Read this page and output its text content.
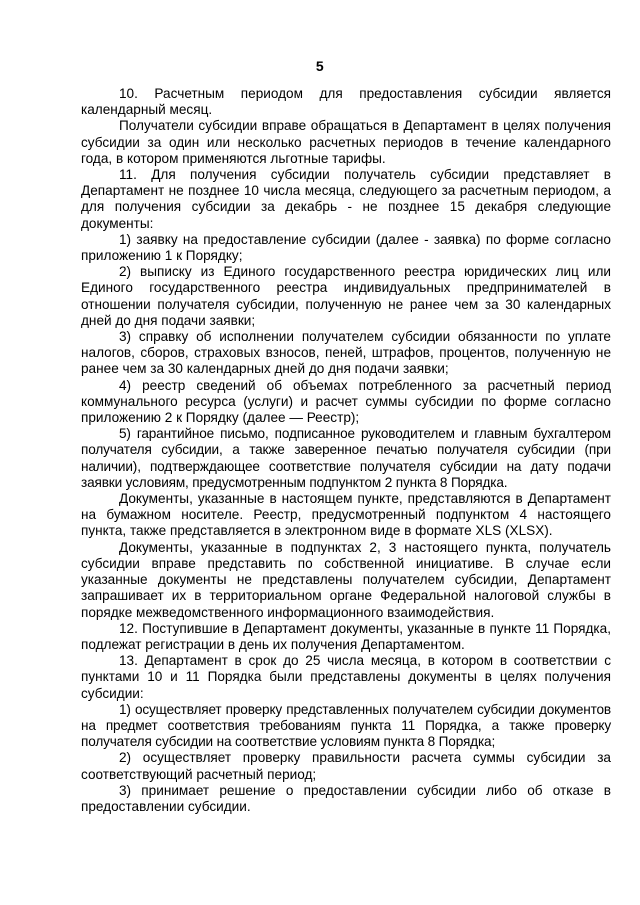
5

10. Расчетным периодом для предоставления субсидии является календарный месяц.

Получатели субсидии вправе обращаться в Департамент в целях получения субсидии за один или несколько расчетных периодов в течение календарного года, в котором применяются льготные тарифы.

11. Для получения субсидии получатель субсидии представляет в Департамент не позднее 10 числа месяца, следующего за расчетным периодом, а для получения субсидии за декабрь - не позднее 15 декабря следующие документы:

1) заявку на предоставление субсидии (далее - заявка) по форме согласно приложению 1 к Порядку;

2) выписку из Единого государственного реестра юридических лиц или Единого государственного реестра индивидуальных предпринимателей в отношении получателя субсидии, полученную не ранее чем за 30 календарных дней до дня подачи заявки;

3) справку об исполнении получателем субсидии обязанности по уплате налогов, сборов, страховых взносов, пеней, штрафов, процентов, полученную не ранее чем за 30 календарных дней до дня подачи заявки;

4) реестр сведений об объемах потребленного за расчетный период коммунального ресурса (услуги) и расчет суммы субсидии по форме согласно приложению 2 к Порядку (далее — Реестр);

5) гарантийное письмо, подписанное руководителем и главным бухгалтером получателя субсидии, а также заверенное печатью получателя субсидии (при наличии), подтверждающее соответствие получателя субсидии на дату подачи заявки условиям, предусмотренным подпунктом 2 пункта 8 Порядка.

Документы, указанные в настоящем пункте, представляются в Департамент на бумажном носителе. Реестр, предусмотренный подпунктом 4 настоящего пункта, также представляется в электронном виде в формате XLS (XLSX).

Документы, указанные в подпунктах 2, 3 настоящего пункта, получатель субсидии вправе представить по собственной инициативе. В случае если указанные документы не представлены получателем субсидии, Департамент запрашивает их в территориальном органе Федеральной налоговой службы в порядке межведомственного информационного взаимодействия.

12. Поступившие в Департамент документы, указанные в пункте 11 Порядка, подлежат регистрации в день их получения Департаментом.

13. Департамент в срок до 25 числа месяца, в котором в соответствии с пунктами 10 и 11 Порядка были представлены документы в целях получения субсидии:

1) осуществляет проверку представленных получателем субсидии документов на предмет соответствия требованиям пункта 11 Порядка, а также проверку получателя субсидии на соответствие условиям пункта 8 Порядка;

2) осуществляет проверку правильности расчета суммы субсидии за соответствующий расчетный период;

3) принимает решение о предоставлении субсидии либо об отказе в предоставлении субсидии.
